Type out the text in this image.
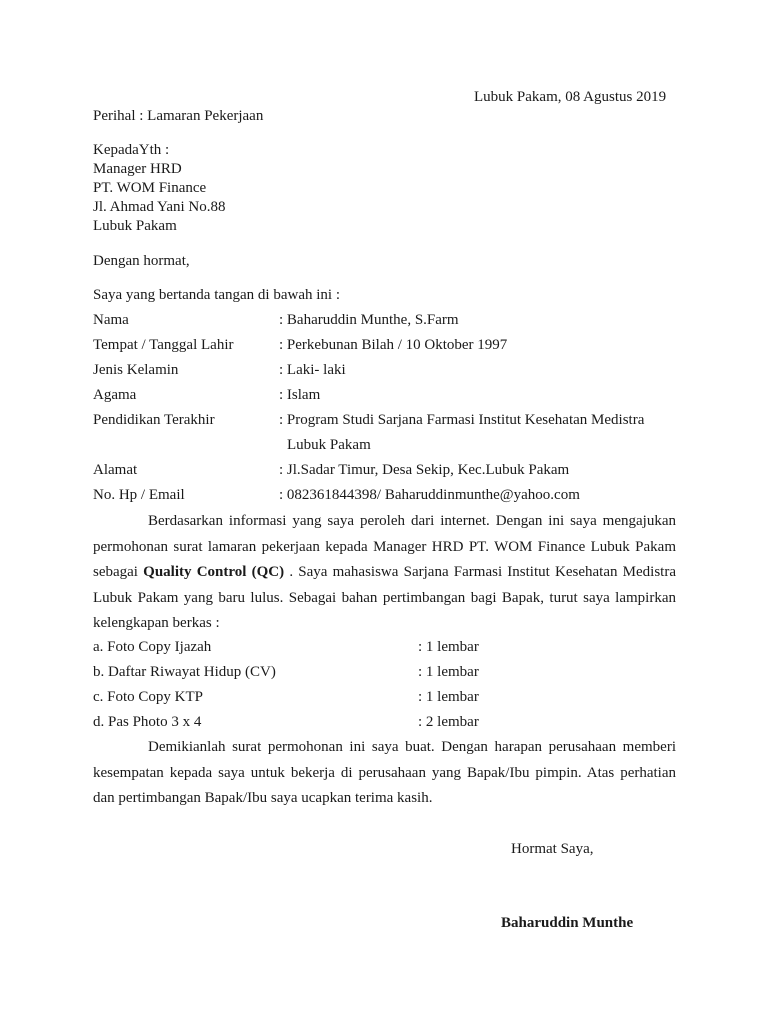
Lubuk Pakam, 08 Agustus 2019
Perihal : Lamaran Pekerjaan
KepadaYth :
Manager HRD
PT. WOM Finance
Jl. Ahmad Yani No.88
Lubuk Pakam
Dengan hormat,
Saya yang bertanda tangan di bawah ini :
Nama	: Baharuddin Munthe, S.Farm
Tempat / Tanggal Lahir	: Perkebunan Bilah / 10 Oktober 1997
Jenis Kelamin	: Laki- laki
Agama	: Islam
Pendidikan Terakhir	: Program Studi Sarjana Farmasi Institut Kesehatan Medistra
Lubuk Pakam
Alamat	: Jl.Sadar Timur, Desa Sekip, Kec.Lubuk Pakam
No. Hp / Email	: 082361844398/ Baharuddinmunthe@yahoo.com
Berdasarkan informasi yang saya peroleh dari internet. Dengan ini saya mengajukan permohonan surat lamaran pekerjaan kepada Manager HRD PT. WOM Finance Lubuk Pakam sebagai Quality Control (QC) . Saya mahasiswa Sarjana Farmasi Institut Kesehatan Medistra Lubuk Pakam yang baru lulus. Sebagai bahan pertimbangan bagi Bapak, turut saya lampirkan kelengkapan berkas :
a. Foto Copy Ijazah	: 1 lembar
b. Daftar Riwayat Hidup (CV)	: 1 lembar
c. Foto Copy KTP	: 1 lembar
d. Pas Photo 3 x 4	: 2 lembar
Demikianlah surat permohonan ini saya buat. Dengan harapan perusahaan memberi kesempatan kepada saya untuk bekerja di perusahaan yang Bapak/Ibu pimpin. Atas perhatian dan pertimbangan Bapak/Ibu saya ucapkan terima kasih.
Hormat Saya,
Baharuddin Munthe
